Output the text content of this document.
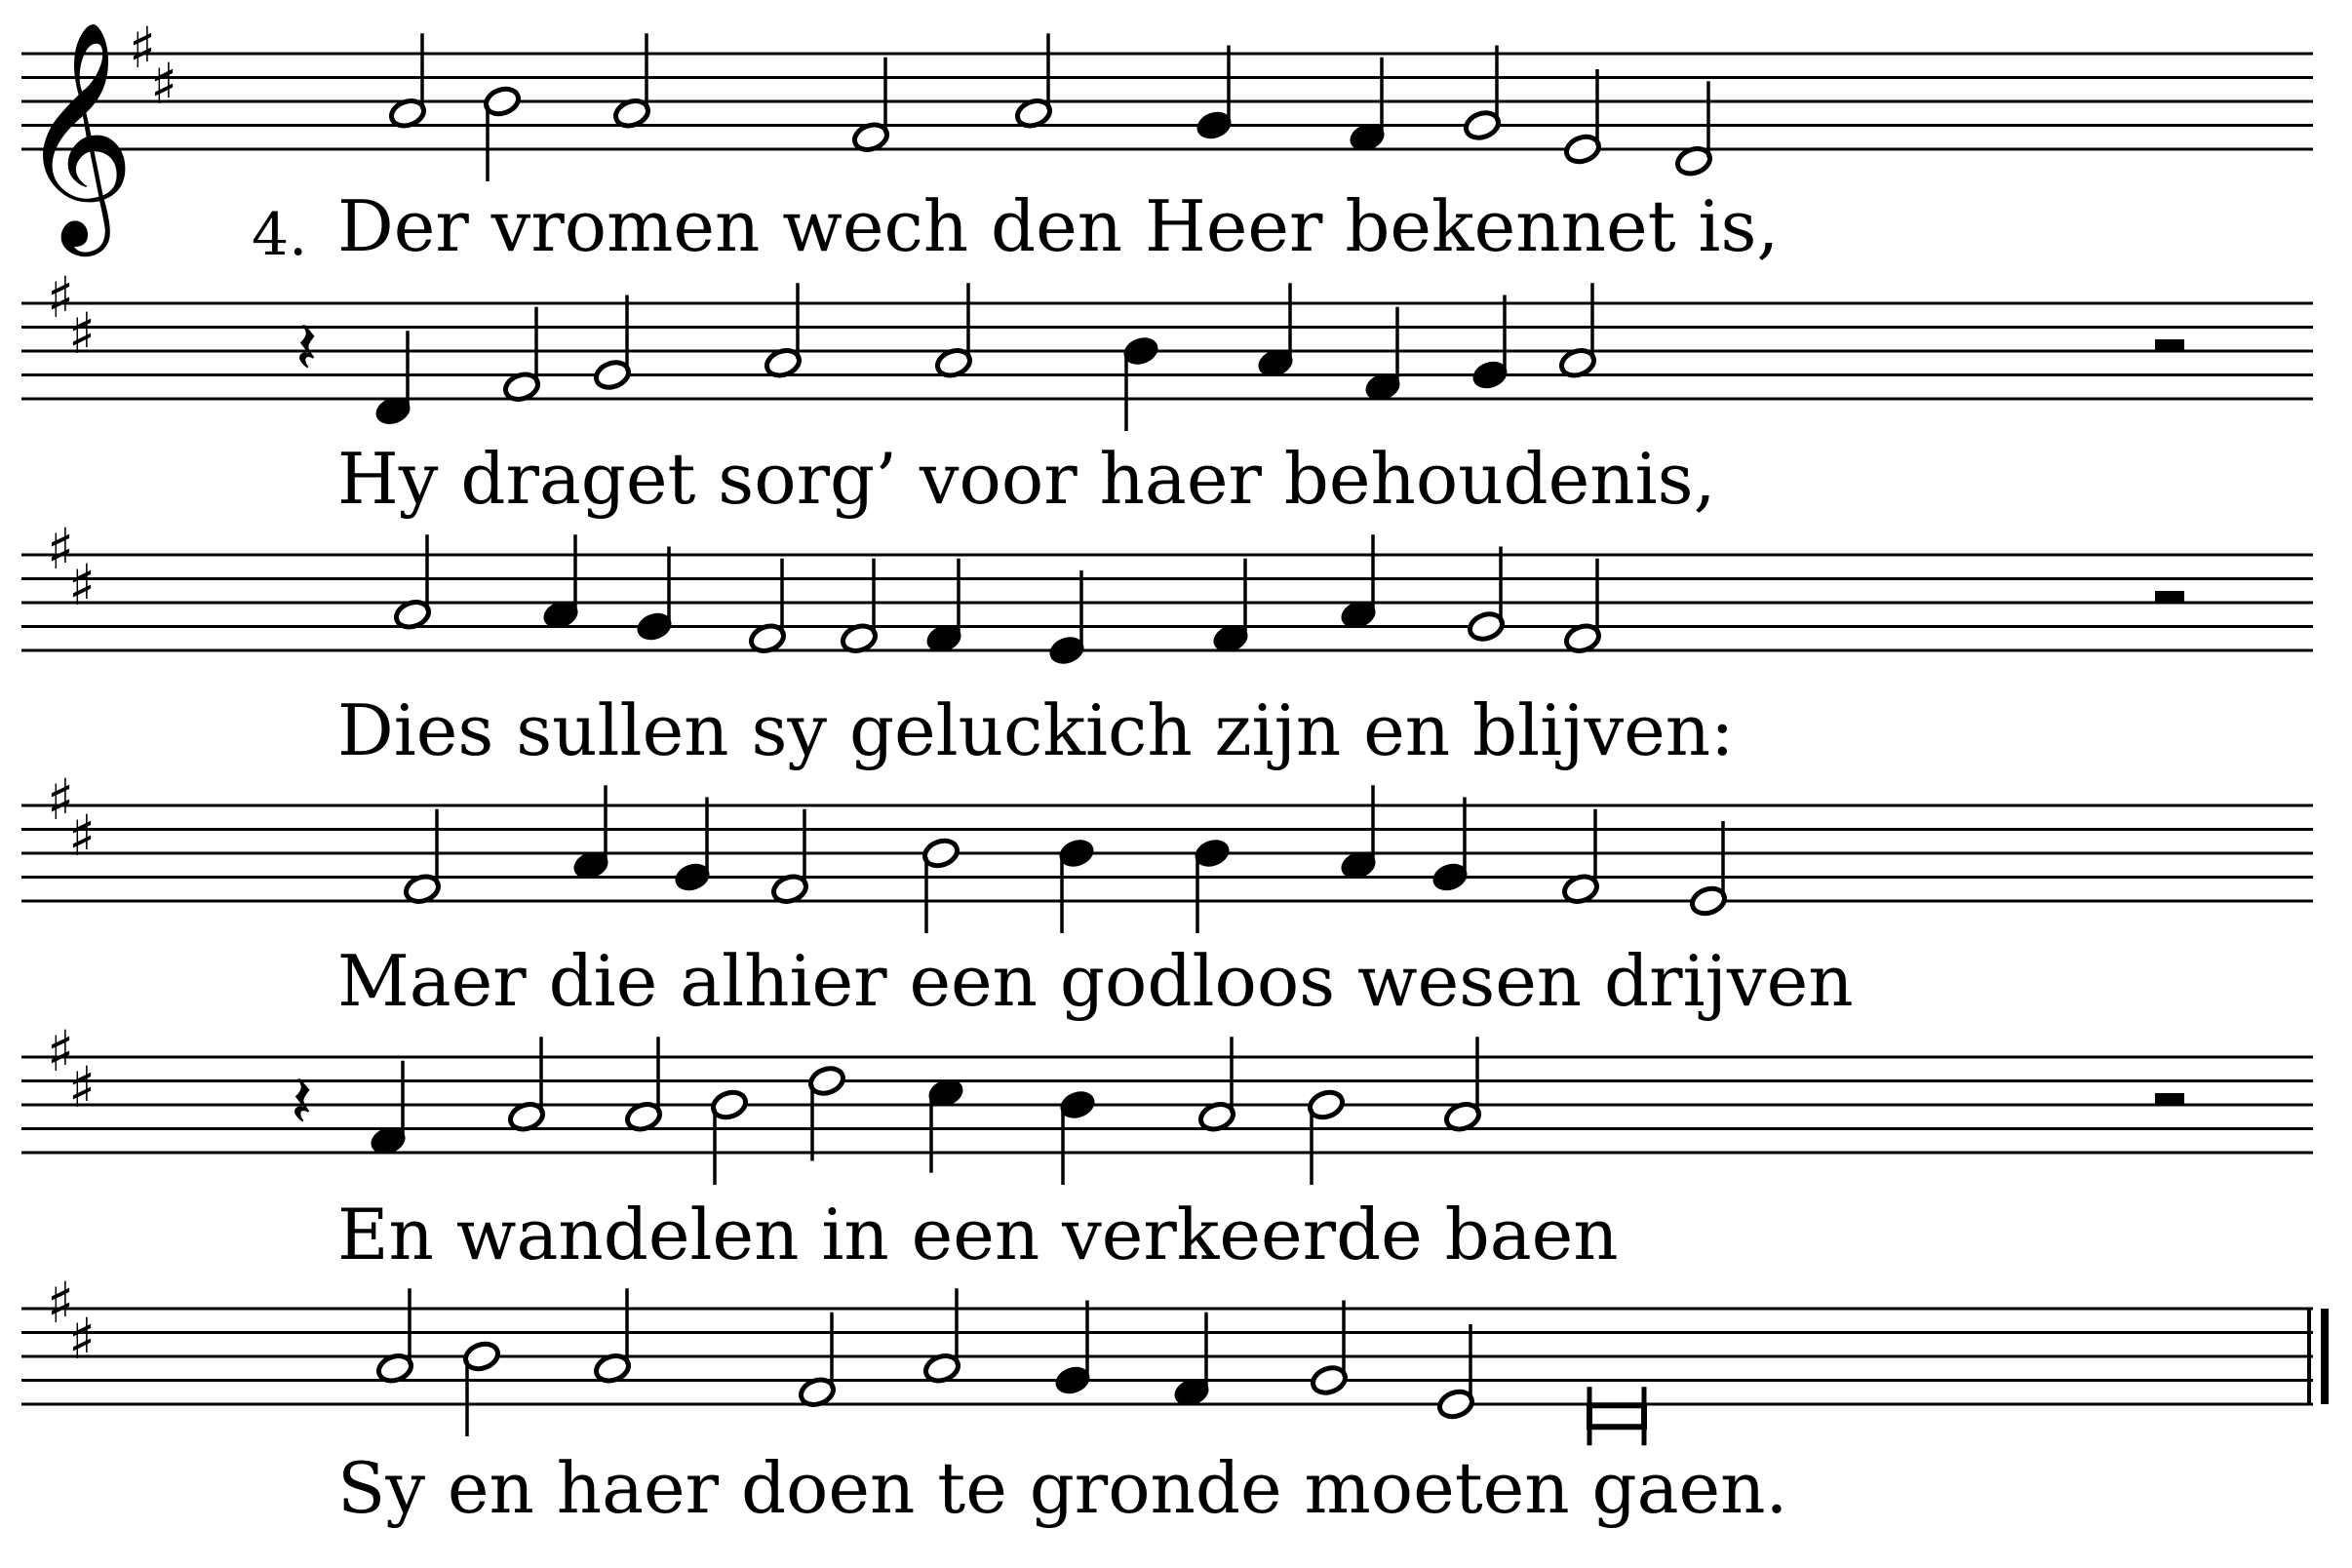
𝄞
♯
♯
♯
♯	𝄽
♯
♯
♯
♯
♯
♯	𝄽
♯
♯
4. Der vromen wech den Heer bekennet is,
Hy draget sorg’ voor haer behoudenis,
Dies sullen sy geluckich zijn en blijven:
Maer die alhier een godloos wesen drijven
En wandelen in een verkeerde baen
Sy en haer doen te gronde moeten gaen.
